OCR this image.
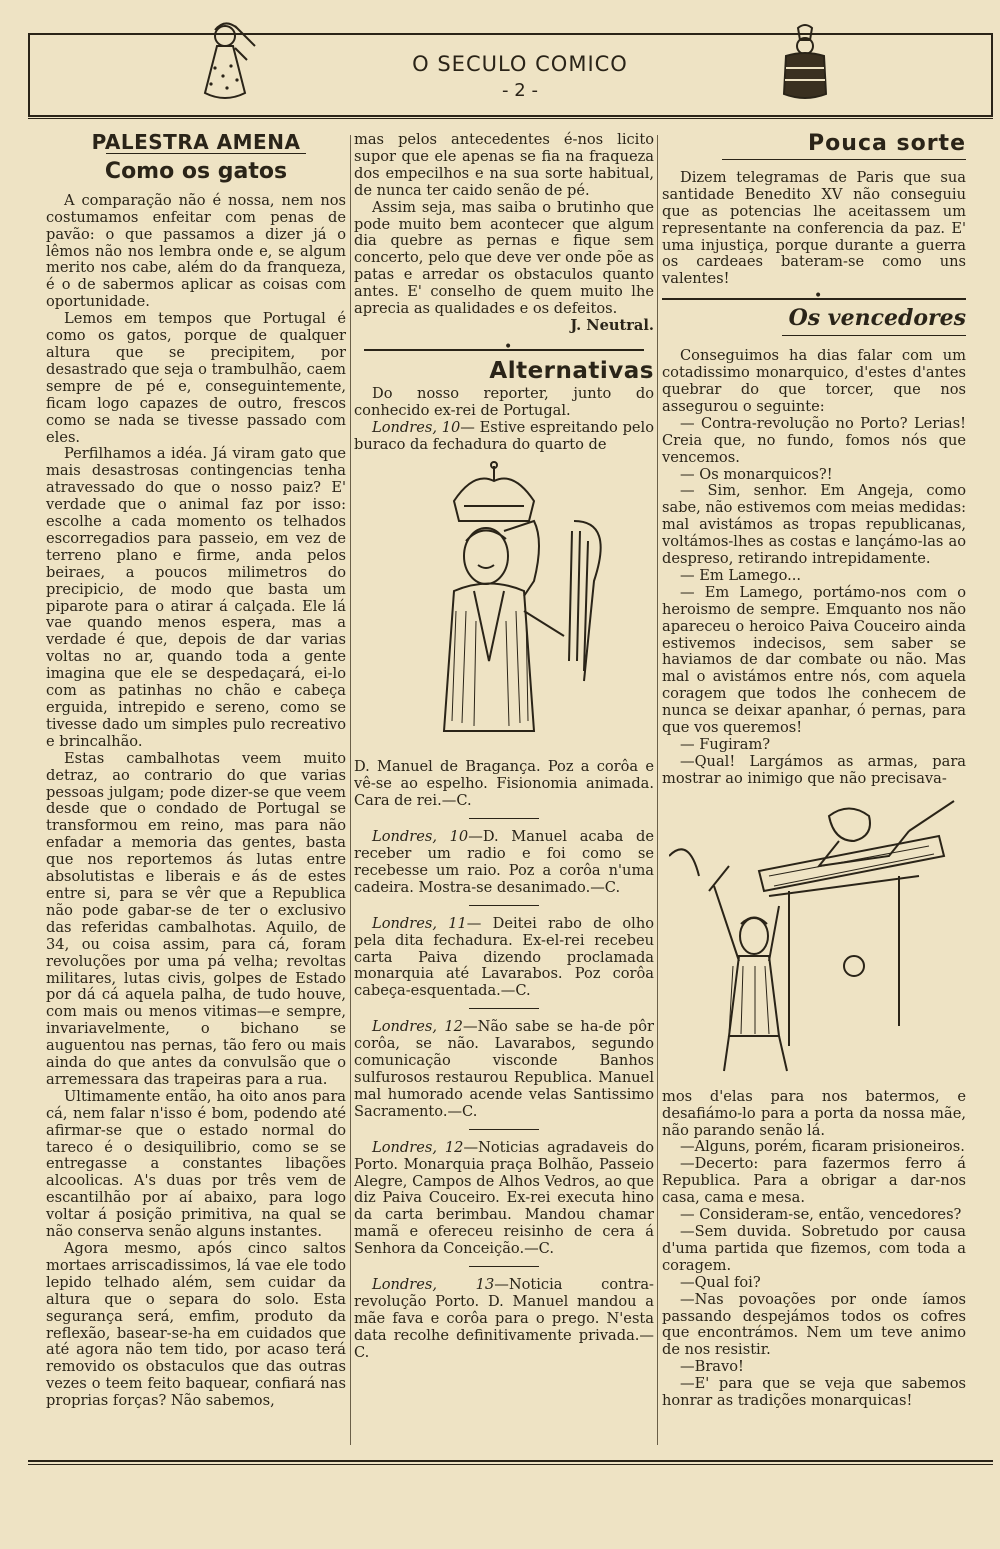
O SECULO COMICO
- 2 -
PALESTRA AMENA
Como os gatos

A comparação não é nossa, nem nos costumamos enfeitar com penas de pavão: o que passamos a dizer já o lêmos não nos lembra onde e, se algum merito nos cabe, além do da franqueza, é o de sabermos aplicar as coisas com oportunidade.

Lemos em tempos que Portugal é como os gatos, porque de qualquer altura que se precipitem, por desastrado que seja o trambulhão, caem sempre de pé e, conseguintemente, ficam logo capazes de outro, frescos como se nada se tivesse passado com eles.

Perfilhamos a idéa. Já viram gato que mais desastrosas contingencias tenha atravessado do que o nosso paiz? E' verdade que o animal faz por isso: escolhe a cada momento os telhados escorregadios para passeio, em vez de terreno plano e firme, anda pelos beiraes, a poucos milimetros do precipicio, de modo que basta um piparote para o atirar á calçada. Ele lá vae quando menos espera, mas a verdade é que, depois de dar varias voltas no ar, quando toda a gente imagina que ele se despedaçará, ei-lo com as patinhas no chão e cabeça erguida, intrepido e sereno, como se tivesse dado um simples pulo recreativo e brincalhão.

Estas cambalhotas veem muito detraz, ao contrario do que varias pessoas julgam; pode dizer-se que veem desde que o condado de Portugal se transformou em reino, mas para não enfadar a memoria das gentes, basta que nos reportemos ás lutas entre absolutistas e liberais e ás de estes entre si, para se vêr que a Republica não pode gabar-se de ter o exclusivo das referidas cambalhotas. Aquilo, de 34, ou coisa assim, para cá, foram revoluções por uma pá velha; revoltas militares, lutas civis, golpes de Estado por dá cá aquela palha, de tudo houve, com mais ou menos vitimas—e sempre, invariavelmente, o bichano se auguentou nas pernas, tão fero ou mais ainda do que antes da convulsão que o arremessara das trapeiras para a rua.

Ultimamente então, ha oito anos para cá, nem falar n'isso é bom, podendo até afirmar-se que o estado normal do tareco é o desiquilibrio, como se se entregasse a constantes libações alcoolicas. A's duas por três vem de escantilhão por aí abaixo, para logo voltar á posição primitiva, na qual se não conserva senão alguns instantes.

Agora mesmo, após cinco saltos mortaes arriscadissimos, lá vae ele todo lepido telhado além, sem cuidar da altura que o separa do solo. Esta segurança será, emfim, produto da reflexão, basear-se-ha em cuidados que até agora não tem tido, por acaso terá removido os obstaculos que das outras vezes o teem feito baquear, confiará nas proprias forças? Não sabemos,

mas pelos antecedentes é-nos licito supor que ele apenas se fia na fraqueza dos empecilhos e na sua sorte habitual, de nunca ter caido senão de pé.

Assim seja, mas saiba o brutinho que pode muito bem acontecer que algum dia quebre as pernas e fique sem concerto, pelo que deve ver onde põe as patas e arredar os obstaculos quanto antes. E' conselho de quem muito lhe aprecia as qualidades e os defeitos.

J. Neutral.

•
Alternativas

Do nosso reporter, junto do conhecido ex-rei de Portugal.

Londres, 10— Estive espreitando pelo buraco da fechadura do quarto de

D. Manuel de Bragança. Poz a corôa e vê-se ao espelho. Fisionomia animada. Cara de rei.—C.

Londres, 10—D. Manuel acaba de receber um radio e foi como se recebesse um raio. Poz a corôa n'uma cadeira. Mostra-se desanimado.—C.

Londres, 11— Deitei rabo de olho pela dita fechadura. Ex-el-rei recebeu carta Paiva dizendo proclamada monarquia até Lavarabos. Poz corôa cabeça-esquentada.—C.

Londres, 12—Não sabe se ha-de pôr corôa, se não. Lavarabos, segundo comunicação visconde Banhos sulfurosos restaurou Republica. Manuel mal humorado acende velas Santissimo Sacramento.—C.

Londres, 12—Noticias agradaveis do Porto. Monarquia praça Bolhão, Passeio Alegre, Campos de Alhos Vedros, ao que diz Paiva Couceiro. Ex-rei executa hino da carta berimbau. Mandou chamar mamã e ofereceu reisinho de cera á Senhora da Conceição.—C.

Londres, 13—Noticia contra-revolução Porto. D. Manuel mandou a mãe fava e corôa para o prego. N'esta data recolhe definitivamente privada.—C.

Pouca sorte

Dizem telegramas de Paris que sua santidade Benedito XV não conseguiu que as potencias lhe aceitassem um representante na conferencia da paz. E' uma injustiça, porque durante a guerra os cardeaes bateram-se como uns valentes!

•
Os vencedores

Conseguimos ha dias falar com um cotadissimo monarquico, d'estes d'antes quebrar do que torcer, que nos assegurou o seguinte:

— Contra-revolução no Porto? Lerias! Creia que, no fundo, fomos nós que vencemos.

— Os monarquicos?!

— Sim, senhor. Em Angeja, como sabe, não estivemos com meias medidas: mal avistámos as tropas republicanas, voltámos-lhes as costas e lançámo-las ao despreso, retirando intrepidamente.

— Em Lamego...

— Em Lamego, portámo-nos com o heroismo de sempre. Emquanto nos não apareceu o heroico Paiva Couceiro ainda estivemos indecisos, sem saber se haviamos de dar combate ou não. Mas mal o avistámos entre nós, com aquela coragem que todos lhe conhecem de nunca se deixar apanhar, ó pernas, para que vos queremos!

— Fugiram?

—Qual! Largámos as armas, para mostrar ao inimigo que não precisava-

mos d'elas para nos batermos, e desafiámo-lo para a porta da nossa mãe, não parando senão lá.

—Alguns, porém, ficaram prisioneiros.

—Decerto: para fazermos ferro á Republica. Para a obrigar a dar-nos casa, cama e mesa.

— Consideram-se, então, vencedores?

—Sem duvida. Sobretudo por causa d'uma partida que fizemos, com toda a coragem.

—Qual foi?

—Nas povoações por onde íamos passando despejámos todos os cofres que encontrámos. Nem um teve animo de nos resistir.

—Bravo!

—E' para que se veja que sabemos honrar as tradições monarquicas!
